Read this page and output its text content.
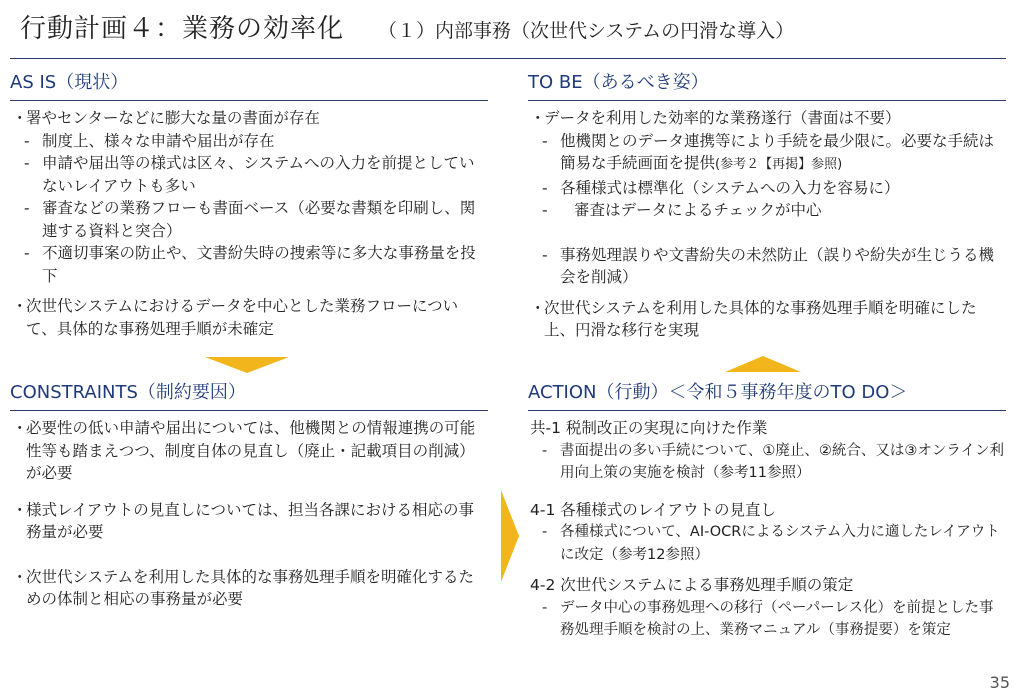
行動計画４：業務の効率化 （１）内部事務（次世代システムの円滑な導入）
AS IS（現状）
・
署やセンターなどに膨大な量の書面が存在
- 制度上、様々な申請や届出が存在
- 申請や届出等の様式は区々、システムへの入力を前提としていないレイアウトも多い
- 審査などの業務フローも書面ベース（必要な書類を印刷し、関連する資料と突合）
- 不適切事案の防止や、文書紛失時の捜索等に多大な事務量を投下
・
次世代システムにおけるデータを中心とした業務フローについて、具体的な事務処理手順が未確定
TO BE（あるべき姿）
・
データを利用した効率的な業務遂行（書面は不要）
- 他機関とのデータ連携等により手続を最少限に。必要な手続は簡易な手続画面を提供(参考２【再掲】参照)
- 各種様式は標準化（システムへの入力を容易に）
- 審査はデータによるチェックが中心
- 事務処理誤りや文書紛失の未然防止（誤りや紛失が生じうる機会を削減）
・
次世代システムを利用した具体的な事務処理手順を明確にした上、円滑な移行を実現
CONSTRAINTS（制約要因）
・
必要性の低い申請や届出については、他機関との情報連携の可能性等も踏まえつつ、制度自体の見直し（廃止・記載項目の削減）が必要
・
様式レイアウトの見直しについては、担当各課における相応の事務量が必要
・
次世代システムを利用した具体的な事務処理手順を明確化するための体制と相応の事務量が必要
ACTION（行動）＜令和５事務年度のTO DO＞
共-1 税制改正の実現に向けた作業
- 書面提出の多い手続について、①廃止、②統合、又は③オンライン利用向上策の実施を検討（参考11参照）
4-1 各種様式のレイアウトの見直し
- 各種様式について、AI-OCRによるシステム入力に適したレイアウトに改定（参考12参照）
4-2 次世代システムによる事務処理手順の策定
- データ中心の事務処理への移行（ペーパーレス化）を前提とした事務処理手順を検討の上、業務マニュアル（事務提要）を策定
35
